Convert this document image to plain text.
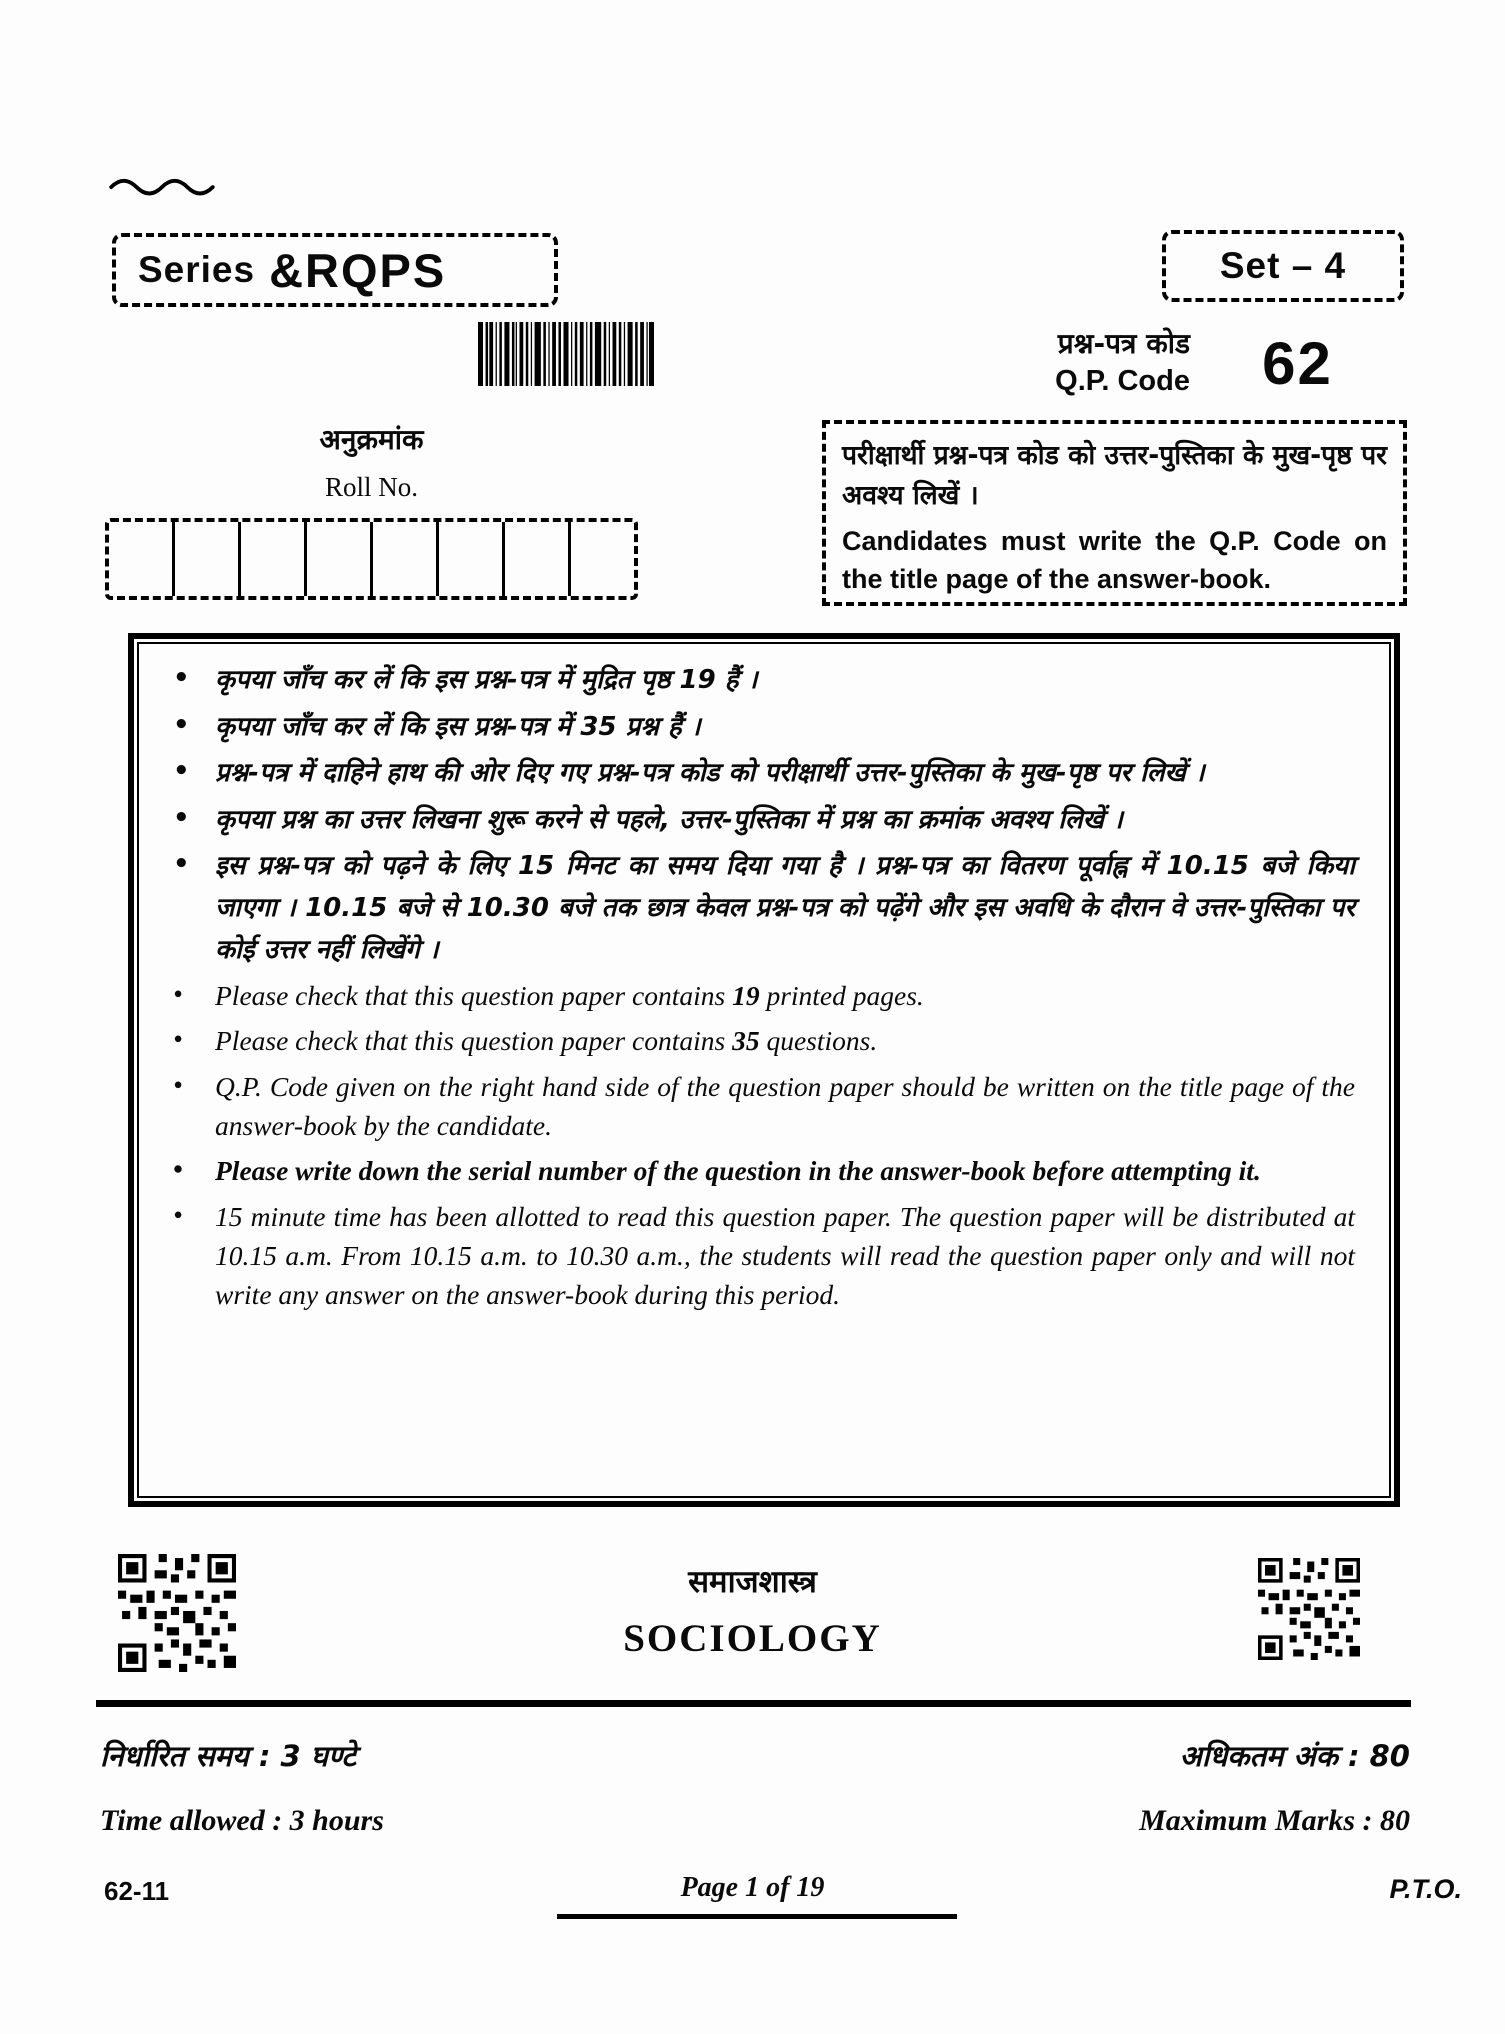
Series &RQPS	Set – 4
प्रश्न-पत्र कोड
Q.P. Code	62
अनुक्रमांक
Roll No.

परीक्षार्थी प्रश्न-पत्र कोड को उत्तर-पुस्तिका के मुख-पृष्ठ पर अवश्य लिखें ।

Candidates must write the Q.P. Code on the title page of the answer-book.

• कृपया जाँच कर लें कि इस प्रश्न-पत्र में मुद्रित पृष्ठ 19 हैं ।
• कृपया जाँच कर लें कि इस प्रश्न-पत्र में 35 प्रश्न हैं ।
• प्रश्न-पत्र में दाहिने हाथ की ओर दिए गए प्रश्न-पत्र कोड को परीक्षार्थी उत्तर-पुस्तिका के मुख-पृष्ठ पर लिखें ।
• कृपया प्रश्न का उत्तर लिखना शुरू करने से पहले, उत्तर-पुस्तिका में प्रश्न का क्रमांक अवश्य लिखें ।
• इस प्रश्न-पत्र को पढ़ने के लिए 15 मिनट का समय दिया गया है । प्रश्न-पत्र का वितरण पूर्वाह्न में 10.15 बजे किया जाएगा । 10.15 बजे से 10.30 बजे तक छात्र केवल प्रश्न-पत्र को पढ़ेंगे और इस अवधि के दौरान वे उत्तर-पुस्तिका पर कोई उत्तर नहीं लिखेंगे ।
• Please check that this question paper contains 19 printed pages.
• Please check that this question paper contains 35 questions.
• Q.P. Code given on the right hand side of the question paper should be written on the title page of the answer-book by the candidate.
• Please write down the serial number of the question in the answer-book before attempting it.
• 15 minute time has been allotted to read this question paper. The question paper will be distributed at 10.15 a.m. From 10.15 a.m. to 10.30 a.m., the students will read the question paper only and will not write any answer on the answer-book during this period.
समाजशास्त्र
SOCIOLOGY
निर्धारित समय : 3 घण्टे	अधिकतम अंक : 80
Time allowed : 3 hours	Maximum Marks : 80
62-11	Page 1 of 19	P.T.O.
